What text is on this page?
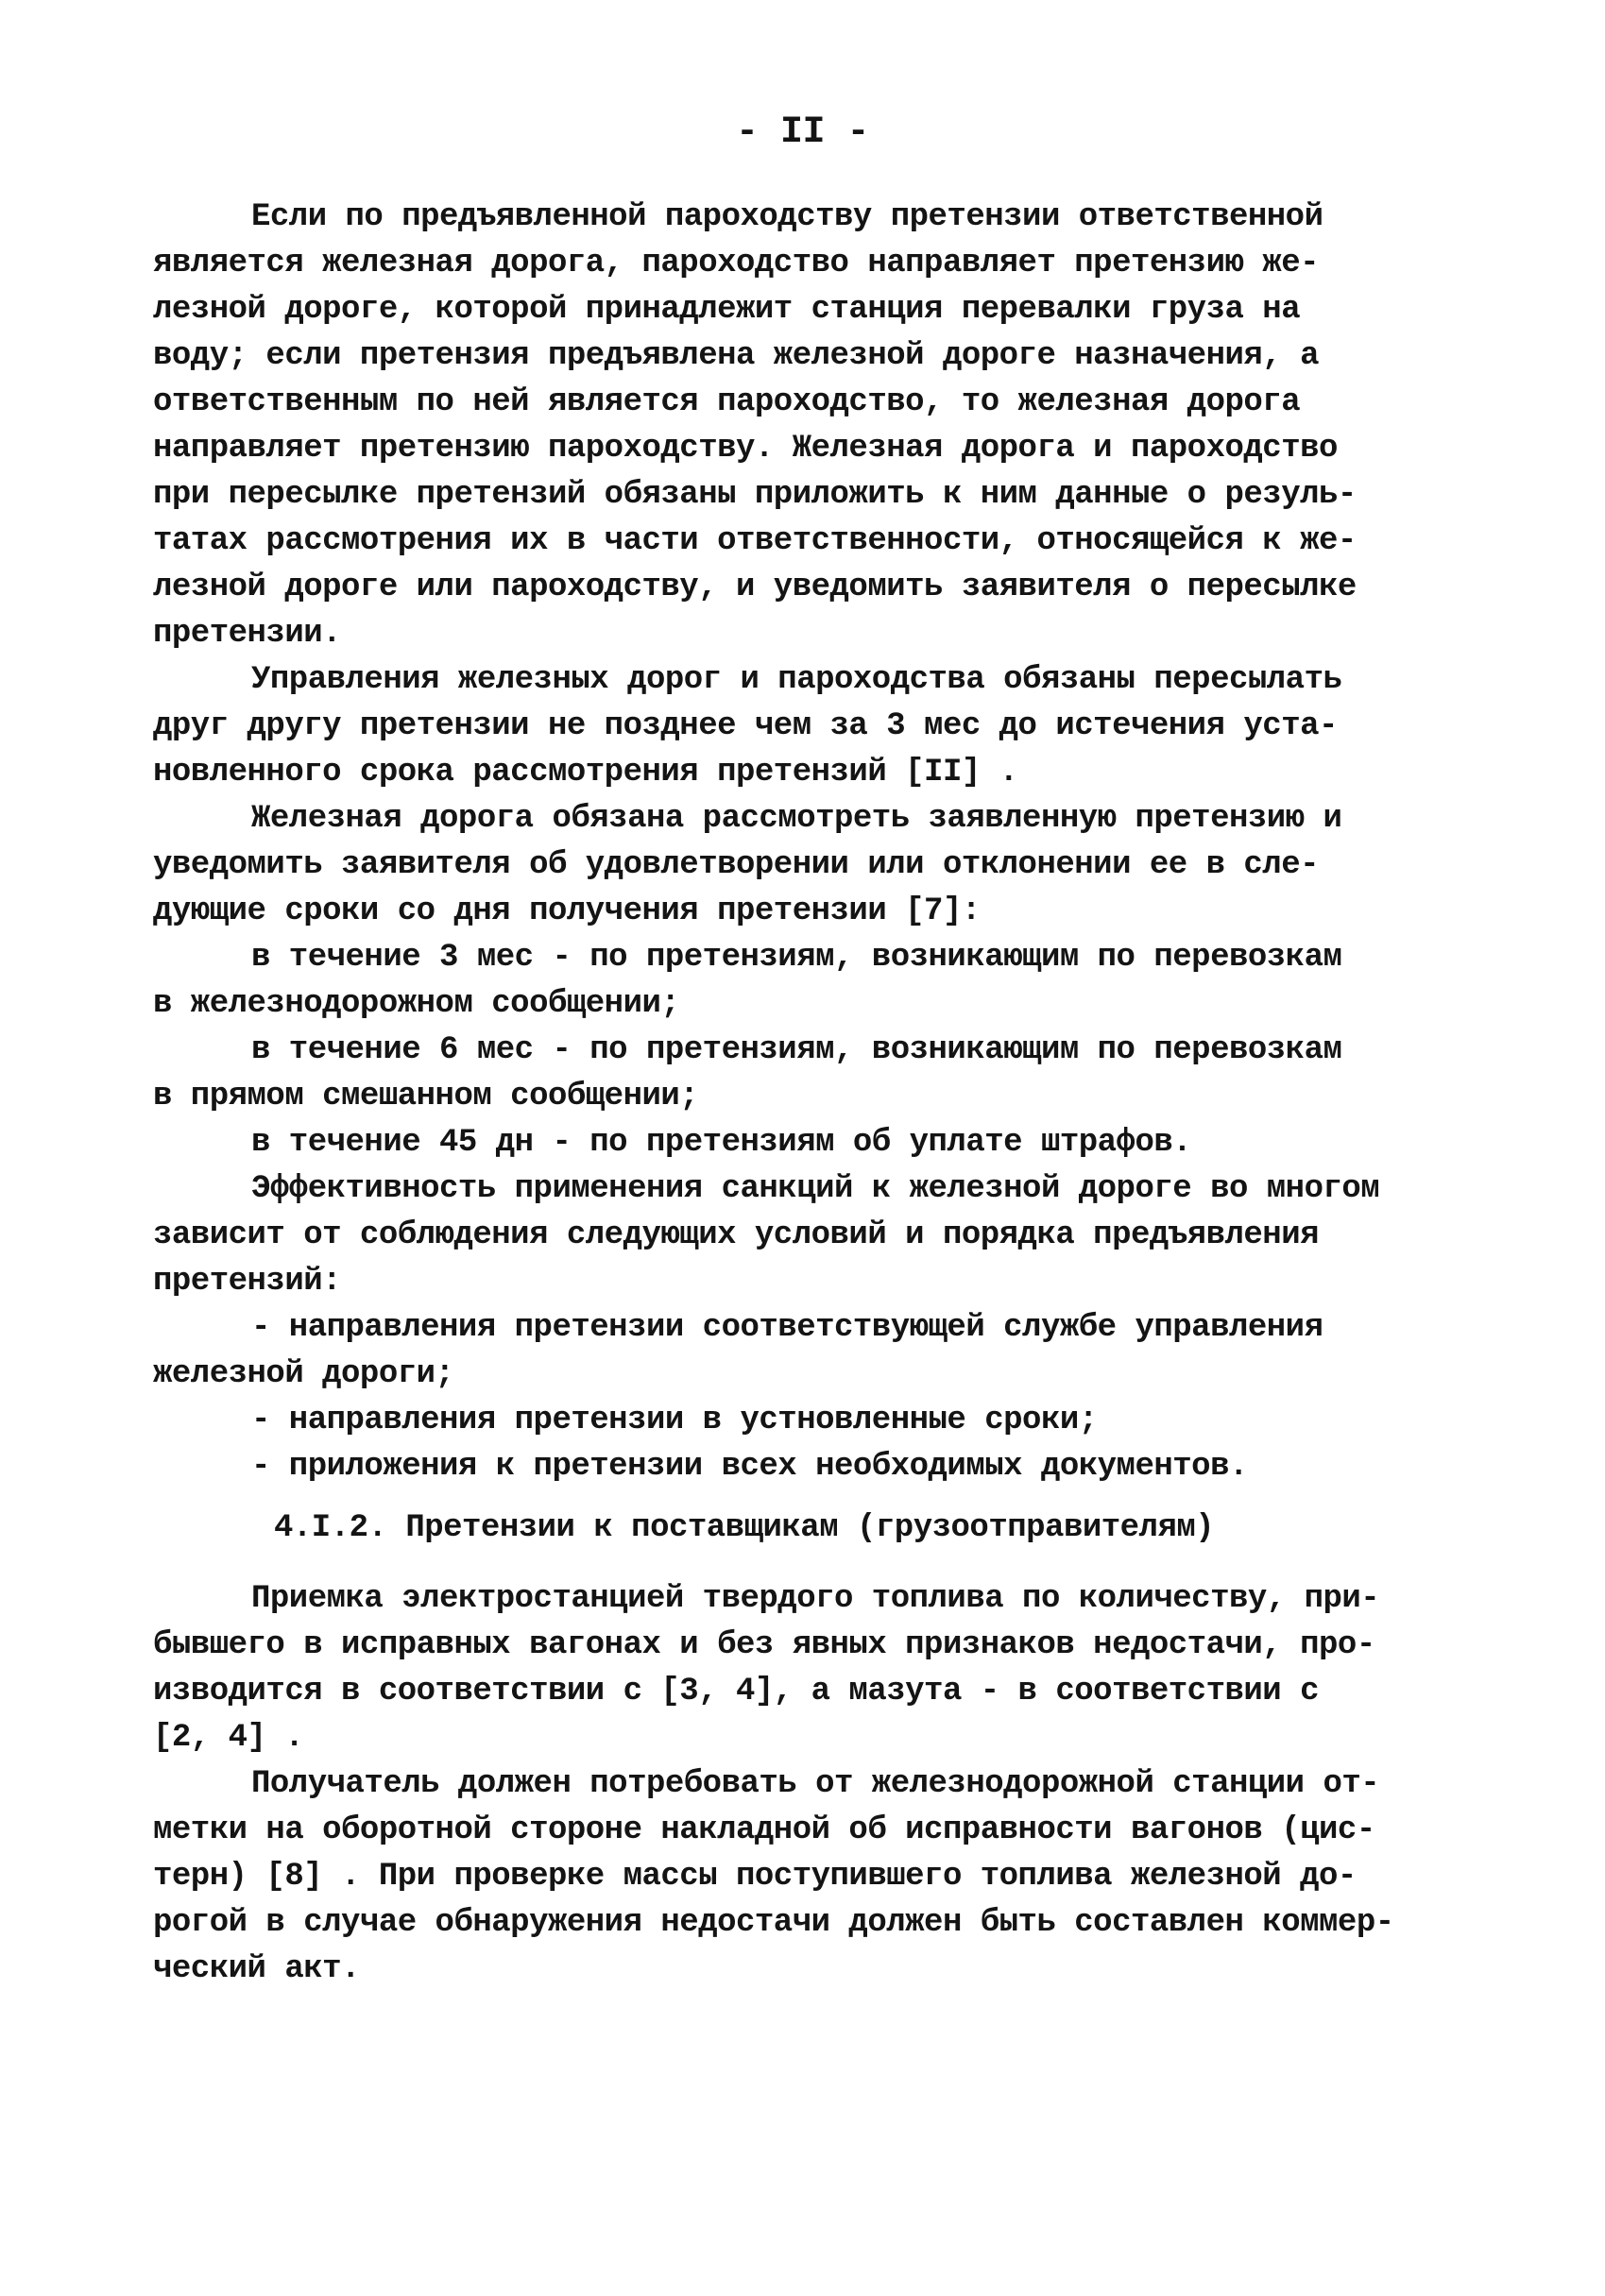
- II -
Если по предъявленной пароходству претензии ответственной
является железная дорога, пароходство направляет претензию же-
лезной дороге, которой принадлежит станция перевалки груза на
воду; если претензия предъявлена железной дороге назначения, а
ответственным по ней является пароходство, то железная дорога
направляет претензию пароходству. Железная дорога и пароходство
при пересылке претензий обязаны приложить к ним данные о резуль-
татах рассмотрения их в части ответственности, относящейся к же-
лезной дороге или пароходству, и уведомить заявителя о пересылке
претензии.
Управления железных дорог и пароходства обязаны пересылать
друг другу претензии не позднее чем за 3 мес до истечения уста-
новленного срока рассмотрения претензий [II] .
Железная дорога обязана рассмотреть заявленную претензию и
уведомить заявителя об удовлетворении или отклонении ее в сле-
дующие сроки со дня получения претензии [7]:
в течение 3 мес - по претензиям, возникающим по перевозкам
в железнодорожном сообщении;
в течение 6 мес - по претензиям, возникающим по перевозкам
в прямом смешанном сообщении;
в течение 45 дн - по претензиям об уплате штрафов.
Эффективность применения санкций к железной дороге во многом
зависит от соблюдения следующих условий и порядка предъявления
претензий:
- направления претензии соответствующей службе управления
железной дороги;
- направления претензии в устновленные сроки;
- приложения к претензии всех необходимых документов.
4.I.2. Претензии к поставщикам (грузоотправителям)
Приемка электростанцией твердого топлива по количеству, при-
бывшего в исправных вагонах и без явных признаков недостачи, про-
изводится в соответствии с [3, 4], а мазута - в соответствии с
[2, 4] .
Получатель должен потребовать от железнодорожной станции от-
метки на оборотной стороне накладной об исправности вагонов (цис-
терн) [8] . При проверке массы поступившего топлива железной до-
рогой в случае обнаружения недостачи должен быть составлен коммер-
ческий акт.
